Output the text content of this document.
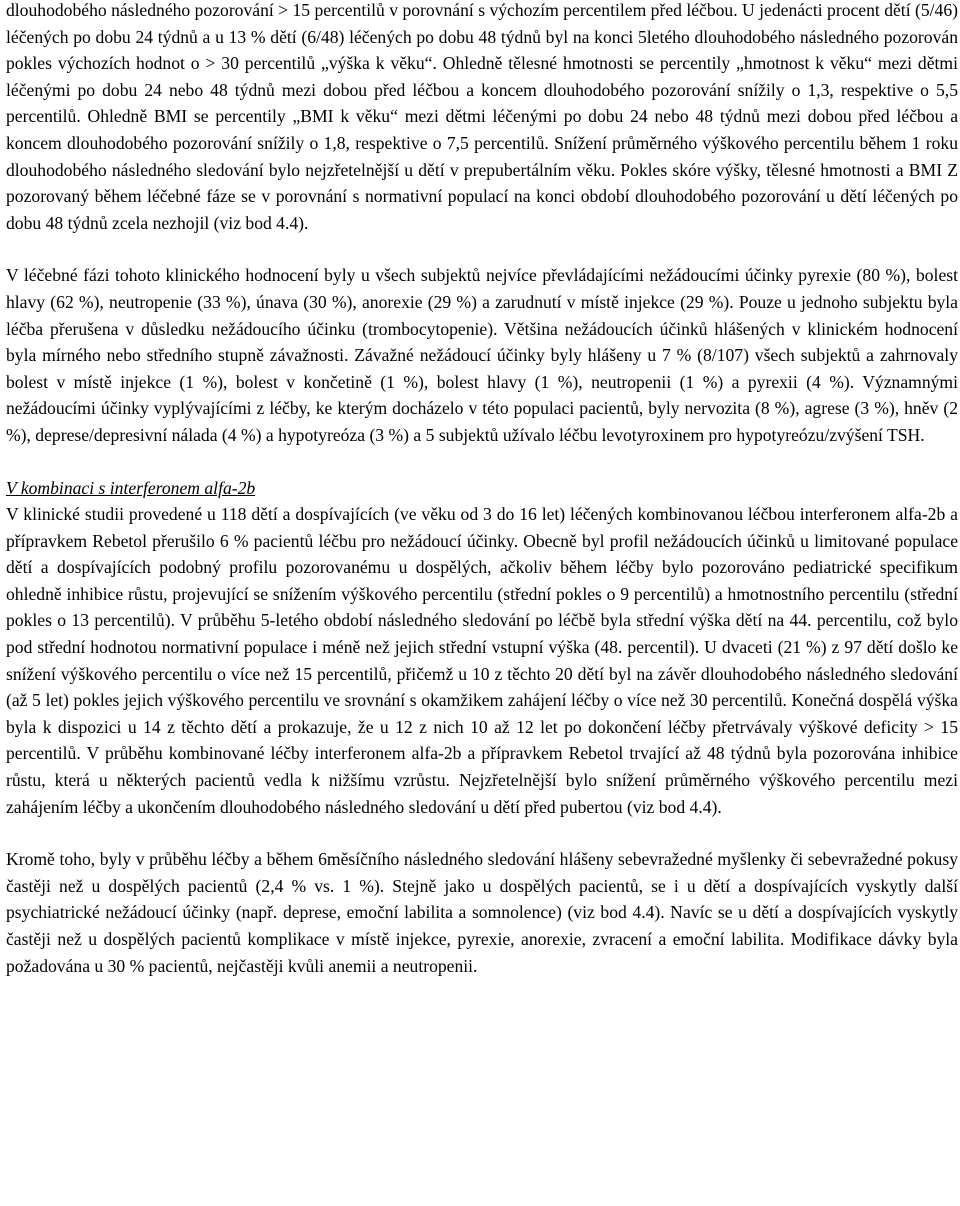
dlouhodobého následného pozorování > 15 percentilů v porovnání s výchozím percentilem před léčbou. U jedenácti procent dětí (5/46) léčených po dobu 24 týdnů a u 13 % dětí (6/48) léčených po dobu 48 týdnů byl na konci 5letého dlouhodobého následného pozorován pokles výchozích hodnot o > 30 percentilů „výška k věku“. Ohledně tělesné hmotnosti se percentily „hmotnost k věku“ mezi dětmi léčenými po dobu 24 nebo 48 týdnů mezi dobou před léčbou a koncem dlouhodobého pozorování snížily o 1,3, respektive o 5,5 percentilů. Ohledně BMI se percentily „BMI k věku“ mezi dětmi léčenými po dobu 24 nebo 48 týdnů mezi dobou před léčbou a koncem dlouhodobého pozorování snížily o 1,8, respektive o 7,5 percentilů. Snížení průměrného výškového percentilu během 1 roku dlouhodobého následného sledování bylo nejzřetelnější u dětí v prepubertálním věku. Pokles skóre výšky, tělesné hmotnosti a BMI Z pozorovaný během léčebné fáze se v porovnání s normativní populací na konci období dlouhodobého pozorování u dětí léčených po dobu 48 týdnů zcela nezhojil (viz bod 4.4).

V léčebné fázi tohoto klinického hodnocení byly u všech subjektů nejvíce převládajícími nežádoucími účinky pyrexie (80 %), bolest hlavy (62 %), neutropenie (33 %), únava (30 %), anorexie (29 %) a zarudnutí v místě injekce (29 %). Pouze u jednoho subjektu byla léčba přerušena v důsledku nežádoucího účinku (trombocytopenie). Většina nežádoucích účinků hlášených v klinickém hodnocení byla mírného nebo středního stupně závažnosti. Závažné nežádoucí účinky byly hlášeny u 7 % (8/107) všech subjektů a zahrnovaly bolest v místě injekce (1 %), bolest v končetině (1 %), bolest hlavy (1 %), neutropenii (1 %) a pyrexii (4 %). Významnými nežádoucími účinky vyplývajícími z léčby, ke kterým docházelo v této populaci pacientů, byly nervozita (8 %), agrese (3 %), hněv (2 %), deprese/depresivní nálada (4 %) a hypotyreóza (3 %) a 5 subjektů užívalo léčbu levotyroxinem pro hypotyreózu/zvýšení TSH.

V kombinaci s interferonem alfa-2b

V klinické studii provedené u 118 dětí a dospívajících (ve věku od 3 do 16 let) léčených kombinovanou léčbou interferonem alfa-2b a přípravkem Rebetol přerušilo 6 % pacientů léčbu pro nežádoucí účinky. Obecně byl profil nežádoucích účinků u limitované populace dětí a dospívajících podobný profilu pozorovanému u dospělých, ačkoliv během léčby bylo pozorováno pediatrické specifikum ohledně inhibice růstu, projevující se snížením výškového percentilu (střední pokles o 9 percentilů) a hmotnostního percentilu (střední pokles o 13 percentilů). V průběhu 5-letého období následného sledování po léčbě byla střední výška dětí na 44. percentilu, což bylo pod střední hodnotou normativní populace i méně než jejich střední vstupní výška (48. percentil). U dvaceti (21 %) z 97 dětí došlo ke snížení výškového percentilu o více než 15 percentilů, přičemž u 10 z těchto 20 dětí byl na závěr dlouhodobého následného sledování (až 5 let) pokles jejich výškového percentilu ve srovnání s okamžikem zahájení léčby o více než 30 percentilů. Konečná dospělá výška byla k dispozici u 14 z těchto dětí a prokazuje, že u 12 z nich 10 až 12 let po dokončení léčby přetrvávaly výškové deficity > 15 percentilů. V průběhu kombinované léčby interferonem alfa-2b a přípravkem Rebetol trvající až 48 týdnů byla pozorována inhibice růstu, která u některých pacientů vedla k nižšímu vzrůstu. Nejzřetelnější bylo snížení průměrného výškového percentilu mezi zahájením léčby a ukončením dlouhodobého následného sledování u dětí před pubertou (viz bod 4.4).

Kromě toho, byly v průběhu léčby a během 6měsíčního následného sledování hlášeny sebevražedné myšlenky či sebevražedné pokusy častěji než u dospělých pacientů (2,4 % vs. 1 %). Stejně jako u dospělých pacientů, se i u dětí a dospívajících vyskytly další psychiatrické nežádoucí účinky (např. deprese, emoční labilita a somnolence) (viz bod 4.4). Navíc se u dětí a dospívajících vyskytly častěji než u dospělých pacientů komplikace v místě injekce, pyrexie, anorexie, zvracení a emoční labilita. Modifikace dávky byla požadována u 30 % pacientů, nejčastěji kvůli anemii a neutropenii.
